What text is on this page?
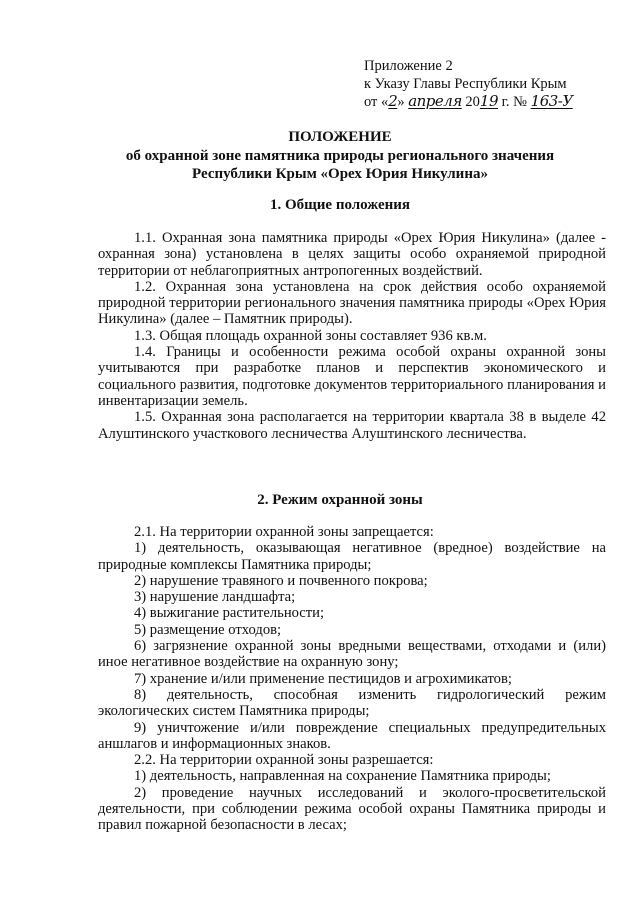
Приложение 2
к Указу Главы Республики Крым
от «2» апреля 2019 г. № 163-У
ПОЛОЖЕНИЕ
об охранной зоне памятника природы регионального значения
Республики Крым «Орех Юрия Никулина»
1. Общие положения

1.1. Охранная зона памятника природы «Орех Юрия Никулина» (далее - охранная зона) установлена в целях защиты особо охраняемой природной территории от неблагоприятных антропогенных воздействий.

1.2. Охранная зона установлена на срок действия особо охраняемой природной территории регионального значения памятника природы «Орех Юрия Никулина» (далее – Памятник природы).

1.3. Общая площадь охранной зоны составляет 936 кв.м.

1.4. Границы и особенности режима особой охраны охранной зоны учитываются при разработке планов и перспектив экономического и социального развития, подготовке документов территориального планирования и инвентаризации земель.

1.5. Охранная зона располагается на территории квартала 38 в выделе 42 Алуштинского участкового лесничества Алуштинского лесничества.

2. Режим охранной зоны

2.1. На территории охранной зоны запрещается:

1) деятельность, оказывающая негативное (вредное) воздействие на природные комплексы Памятника природы;

2) нарушение травяного и почвенного покрова;

3) нарушение ландшафта;

4) выжигание растительности;

5) размещение отходов;

6) загрязнение охранной зоны вредными веществами, отходами и (или) иное негативное воздействие на охранную зону;

7) хранение и/или применение пестицидов и агрохимикатов;

8) деятельность, способная изменить гидрологический режим экологических систем Памятника природы;

9) уничтожение и/или повреждение специальных предупредительных аншлагов и информационных знаков.

2.2. На территории охранной зоны разрешается:

1) деятельность, направленная на сохранение Памятника природы;

2) проведение научных исследований и эколого-просветительской деятельности, при соблюдении режима особой охраны Памятника природы и правил пожарной безопасности в лесах;
